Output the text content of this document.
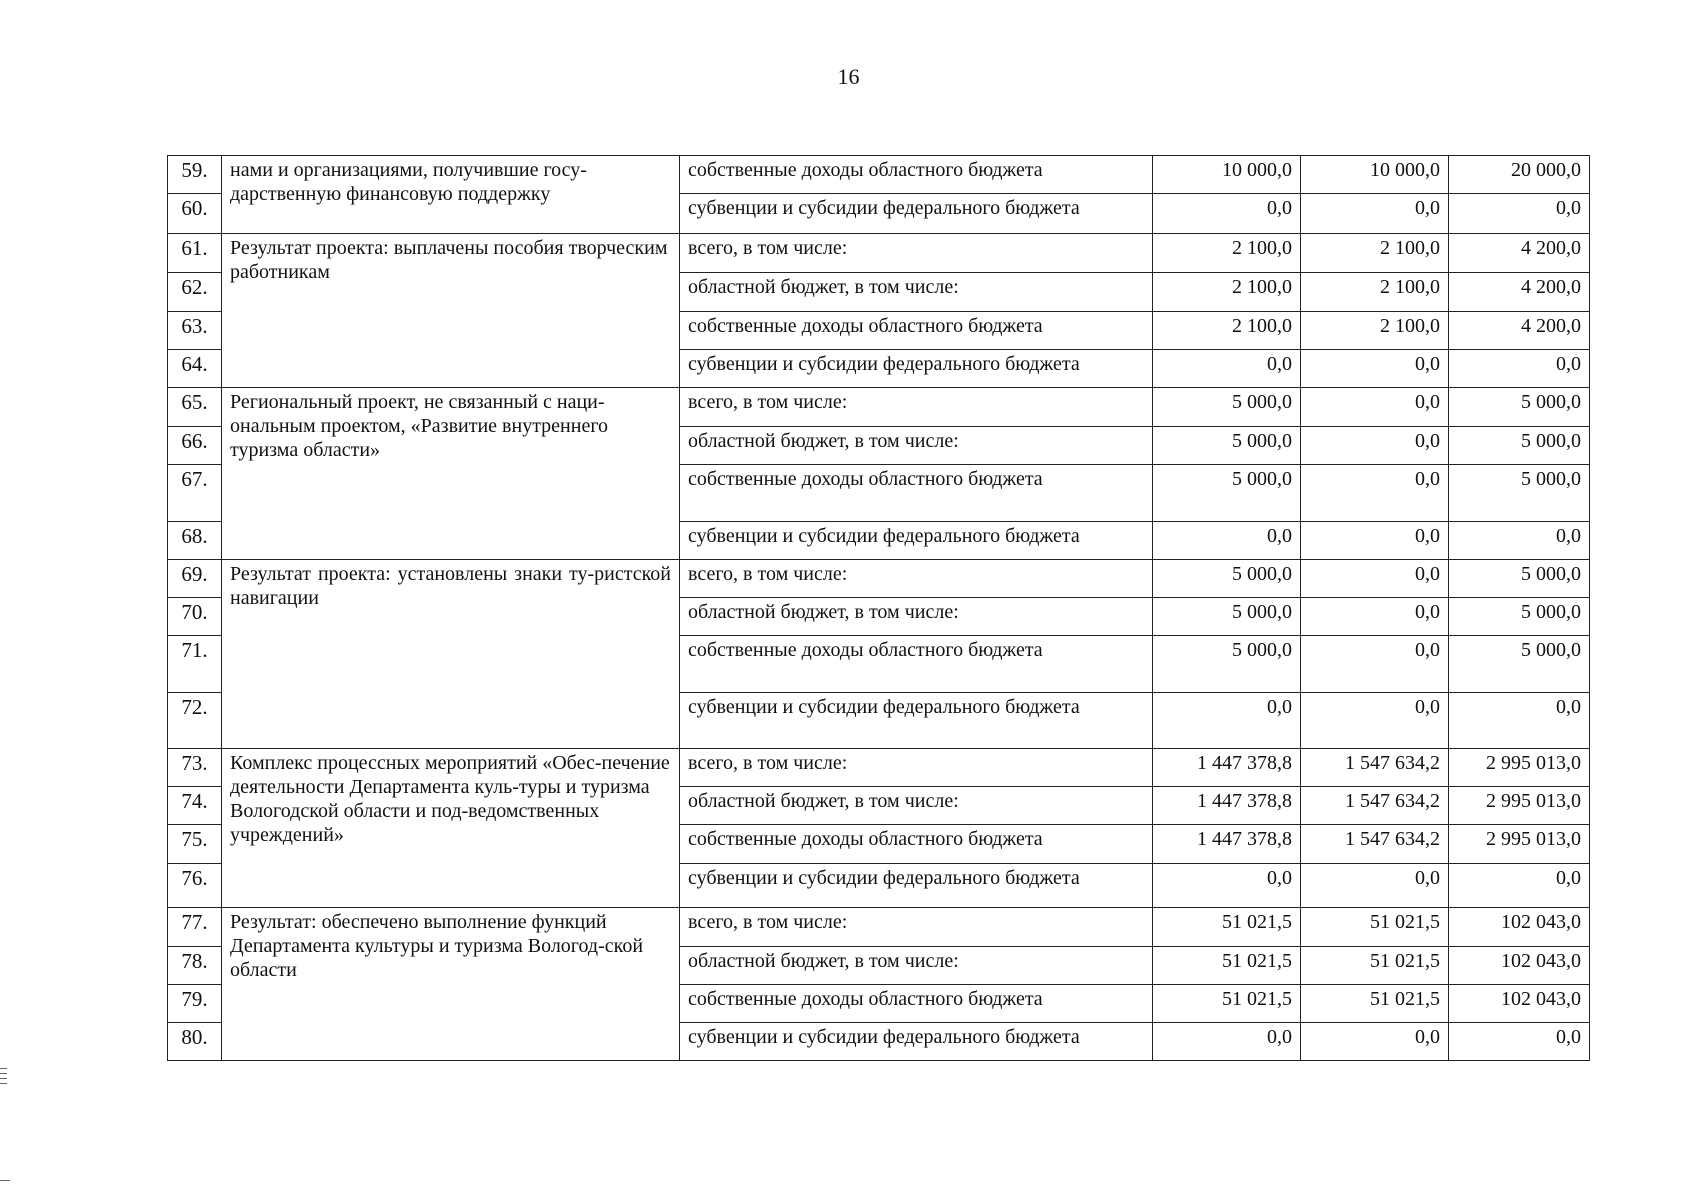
16
59.	нами и организациями, получившие госу-дарственную финансовую поддержку	собственные доходы областного бюджета	10 000,0	10 000,0	20 000,0
60.		субвенции и субсидии федерального бюджета	0,0	0,0	0,0
61.	Результат проекта: выплачены пособия творческим работникам	всего, в том числе:	2 100,0	2 100,0	4 200,0
62.		областной бюджет, в том числе:	2 100,0	2 100,0	4 200,0
63.		собственные доходы областного бюджета	2 100,0	2 100,0	4 200,0
64.		субвенции и субсидии федерального бюджета	0,0	0,0	0,0
65.	Региональный проект, не связанный с наци-ональным проектом, «Развитие внутреннего туризма области»	всего, в том числе:	5 000,0	0,0	5 000,0
66.		областной бюджет, в том числе:	5 000,0	0,0	5 000,0
67.		собственные доходы областного бюджета	5 000,0	0,0	5 000,0
68.		субвенции и субсидии федерального бюджета	0,0	0,0	0,0
69.	Результат проекта: установлены знаки ту-ристской навигации	всего, в том числе:	5 000,0	0,0	5 000,0
70.		областной бюджет, в том числе:	5 000,0	0,0	5 000,0
71.		собственные доходы областного бюджета	5 000,0	0,0	5 000,0
72.		субвенции и субсидии федерального бюджета	0,0	0,0	0,0
73.	Комплекс процессных мероприятий «Обес-печение деятельности Департамента куль-туры и туризма Вологодской области и под-ведомственных учреждений»	всего, в том числе:	1 447 378,8	1 547 634,2	2 995 013,0
74.		областной бюджет, в том числе:	1 447 378,8	1 547 634,2	2 995 013,0
75.		собственные доходы областного бюджета	1 447 378,8	1 547 634,2	2 995 013,0
76.		субвенции и субсидии федерального бюджета	0,0	0,0	0,0
77.	Результат: обеспечено выполнение функций Департамента культуры и туризма Вологод-ской области	всего, в том числе:	51 021,5	51 021,5	102 043,0
78.		областной бюджет, в том числе:	51 021,5	51 021,5	102 043,0
79.		собственные доходы областного бюджета	51 021,5	51 021,5	102 043,0
80.		субвенции и субсидии федерального бюджета	0,0	0,0	0,0
